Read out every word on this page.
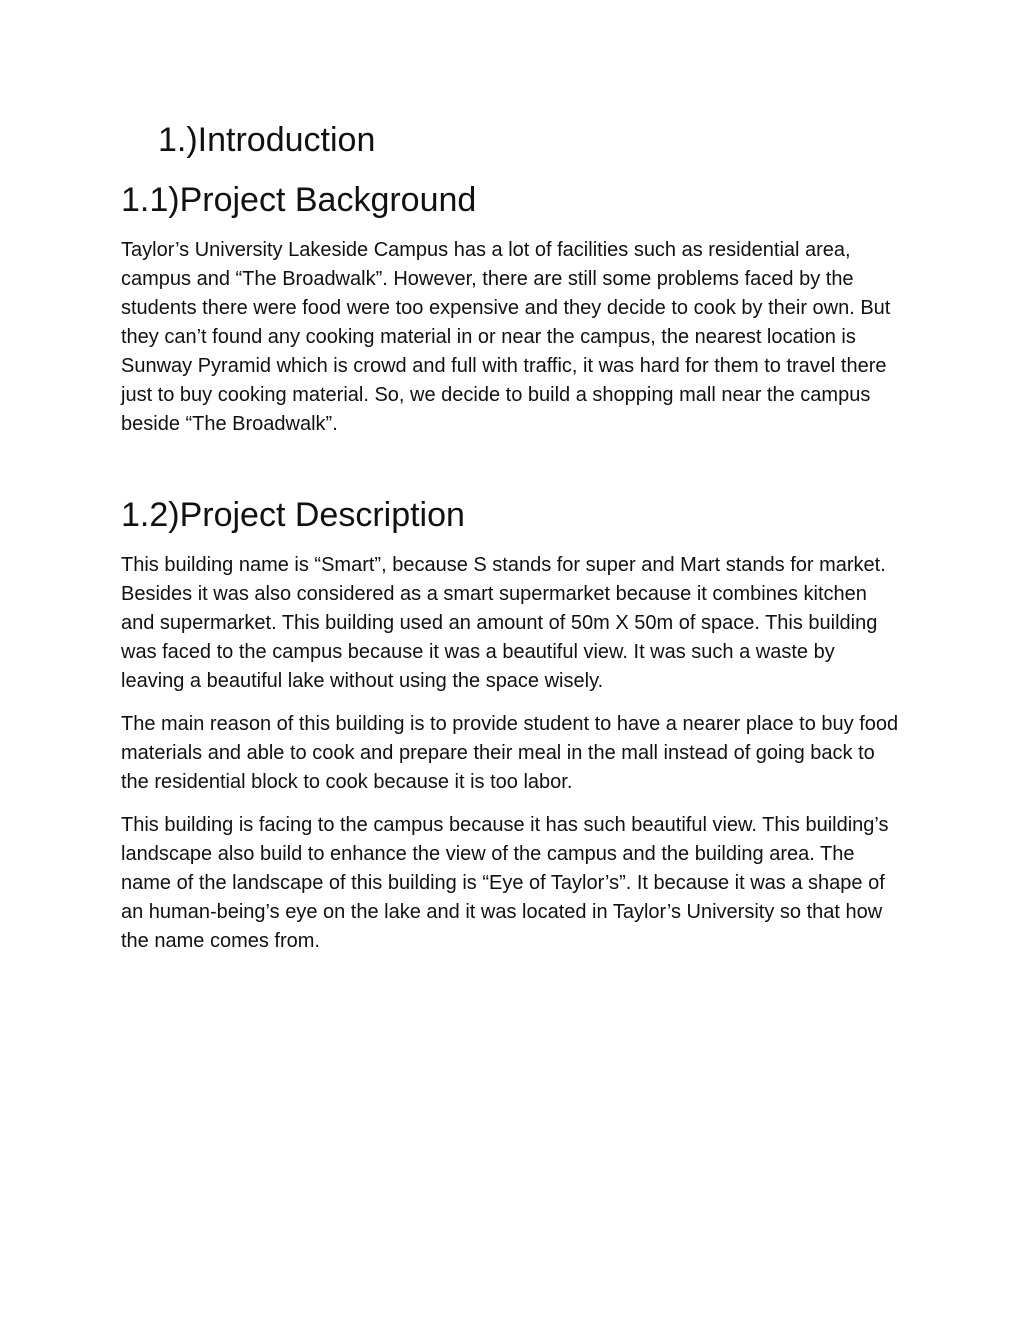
1.)Introduction
1.1)Project Background

Taylor’s University Lakeside Campus has a lot of facilities such as residential area, campus and “The Broadwalk”. However, there are still some problems faced by the students there were food were too expensive and they decide to cook by their own. But they can’t found any cooking material in or near the campus, the nearest location is Sunway Pyramid which is crowd and full with traffic, it was hard for them to travel there just to buy cooking material. So, we decide to build a shopping mall near the campus beside “The Broadwalk”.

1.2)Project Description

This building name is “Smart”, because S stands for super and Mart stands for market. Besides it was also considered as a smart supermarket because it combines kitchen and supermarket. This building used an amount of 50m X 50m of space. This building was faced to the campus because it was a beautiful view. It was such a waste by leaving a beautiful lake without using the space wisely.

The main reason of this building is to provide student to have a nearer place to buy food materials and able to cook and prepare their meal in the mall instead of going back to the residential block to cook because it is too labor.

This building is facing to the campus because it has such beautiful view. This building’s landscape also build to enhance the view of the campus and the building area. The name of the landscape of this building is “Eye of Taylor’s”. It because it was a shape of an human-being’s eye on the lake and it was located in Taylor’s University so that how the name comes from.
